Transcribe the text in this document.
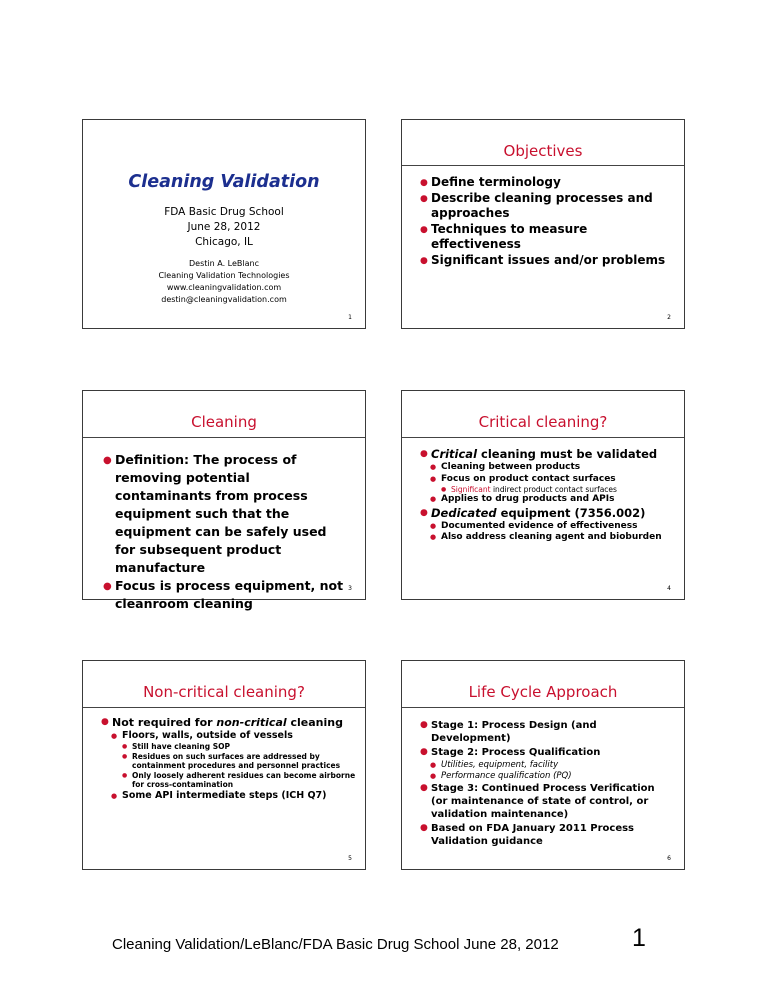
Cleaning Validation
FDA Basic Drug School
June 28, 2012
Chicago, IL
Destin A. LeBlanc
Cleaning Validation Technologies
www.cleaningvalidation.com
destin@cleaningvalidation.com
1
Objectives
● Define terminology
● Describe cleaning processes and approaches
● Techniques to measure effectiveness
● Significant issues and/or problems
2
Cleaning
● Definition: The process of removing potential contaminants from process equipment such that the equipment can be safely used for subsequent product manufacture
● Focus is process equipment, not cleanroom cleaning
3
Critical cleaning?
● Critical cleaning must be validated
● Cleaning between products
● Focus on product contact surfaces
● Significant indirect product contact surfaces
● Applies to drug products and APIs
● Dedicated equipment (7356.002)
● Documented evidence of effectiveness
● Also address cleaning agent and bioburden
4
Non-critical cleaning?
● Not required for non-critical cleaning
● Floors, walls, outside of vessels
● Still have cleaning SOP
● Residues on such surfaces are addressed by containment procedures and personnel practices
● Only loosely adherent residues can become airborne for cross-contamination
● Some API intermediate steps (ICH Q7)
5
Life Cycle Approach
● Stage 1: Process Design (and Development)
● Stage 2: Process Qualification
● Utilities, equipment, facility
● Performance qualification (PQ)
● Stage 3: Continued Process Verification (or maintenance of state of control, or validation maintenance)
● Based on FDA January 2011 Process Validation guidance
6
Cleaning Validation/LeBlanc/FDA Basic Drug School June 28, 2012	1
